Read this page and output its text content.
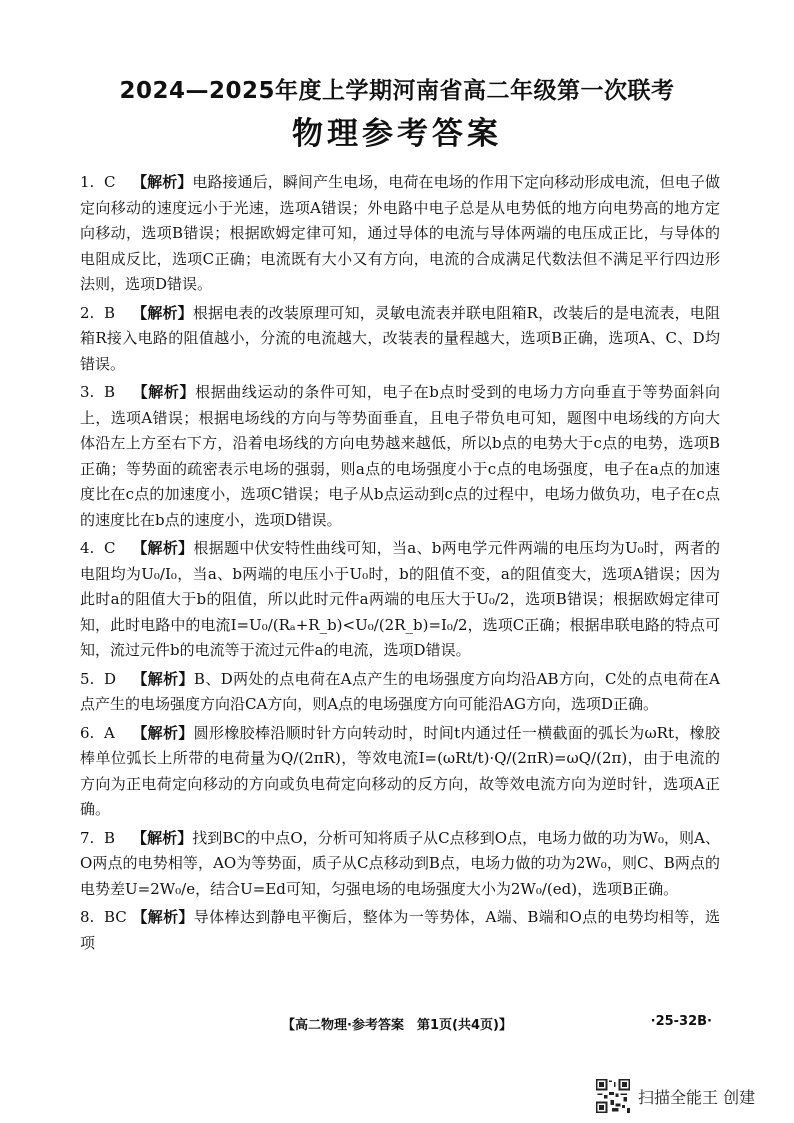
2024—2025年度上学期河南省高二年级第一次联考
物理参考答案
1. C 【解析】电路接通后，瞬间产生电场，电荷在电场的作用下定向移动形成电流，但电子做定向移动的速度远小于光速，选项A错误；外电路中电子总是从电势低的地方向电势高的地方定向移动，选项B错误；根据欧姆定律可知，通过导体的电流与导体两端的电压成正比，与导体的电阻成反比，选项C正确；电流既有大小又有方向，电流的合成满足代数法但不满足平行四边形法则，选项D错误。
2. B 【解析】根据电表的改装原理可知，灵敏电流表并联电阻箱R，改装后的是电流表，电阻箱R接入电路的阻值越小，分流的电流越大，改装表的量程越大，选项B正确，选项A、C、D均错误。
3. B 【解析】根据曲线运动的条件可知，电子在b点时受到的电场力方向垂直于等势面斜向上，选项A错误；根据电场线的方向与等势面垂直，且电子带负电可知，题图中电场线的方向大体沿左上方至右下方，沿着电场线的方向电势越来越低，所以b点的电势大于c点的电势，选项B正确；等势面的疏密表示电场的强弱，则a点的电场强度小于c点的电场强度，电子在a点的加速度比在c点的加速度小，选项C错误；电子从b点运动到c点的过程中，电场力做负功，电子在c点的速度比在b点的速度小，选项D错误。
4. C 【解析】根据题中伏安特性曲线可知，当a、b两电学元件两端的电压均为U₀时，两者的电阻均为U₀/I₀，当a、b两端的电压小于U₀时，b的阻值不变，a的阻值变大，选项A错误；因为此时a的阻值大于b的阻值，所以此时元件a两端的电压大于U₀/2，选项B错误；根据欧姆定律可知，此时电路中的电流I=U₀/(Rₐ+R_b)<U₀/(2R_b)=I₀/2，选项C正确；根据串联电路的特点可知，流过元件b的电流等于流过元件a的电流，选项D错误。
5. D 【解析】B、D两处的点电荷在A点产生的电场强度方向均沿AB方向，C处的点电荷在A点产生的电场强度方向沿CA方向，则A点的电场强度方向可能沿AG方向，选项D正确。
6. A 【解析】圆形橡胶棒沿顺时针方向转动时，时间t内通过任一横截面的弧长为ωRt，橡胶棒单位弧长上所带的电荷量为Q/(2πR)，等效电流I=(ωRt/t)·Q/(2πR)=ωQ/(2π)，由于电流的方向为正电荷定向移动的方向或负电荷定向移动的反方向，故等效电流方向为逆时针，选项A正确。
7. B 【解析】找到BC的中点O，分析可知将质子从C点移到O点，电场力做的功为W₀，则A、O两点的电势相等，AO为等势面，质子从C点移动到B点，电场力做的功为2W₀，则C、B两点的电势差U=2W₀/e，结合U=Ed可知，匀强电场的电场强度大小为2W₀/(ed)，选项B正确。
8. BC 【解析】导体棒达到静电平衡后，整体为一等势体，A端、B端和O点的电势均相等，选项
【高二物理·参考答案　第1页(共4页)】	·25-32B·
扫描全能王 创建
